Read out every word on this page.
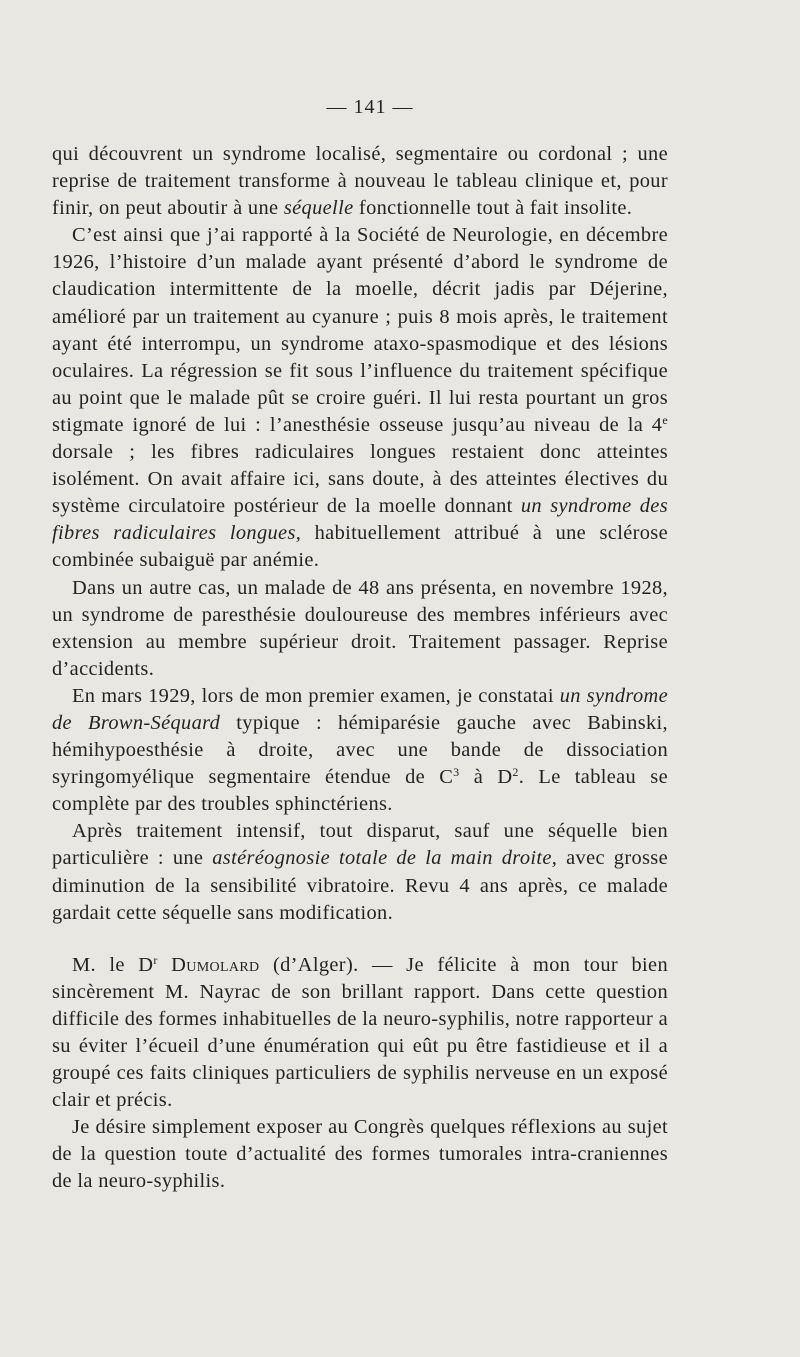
— 141 —

qui découvrent un syndrome localisé, segmentaire ou cordonal ; une reprise de traitement transforme à nouveau le tableau clinique et, pour finir, on peut aboutir à une séquelle fonctionnelle tout à fait insolite.

C’est ainsi que j’ai rapporté à la Société de Neurologie, en décembre 1926, l’histoire d’un malade ayant présenté d’abord le syndrome de claudication intermittente de la moelle, décrit jadis par Déjerine, amélioré par un traitement au cyanure ; puis 8 mois après, le traitement ayant été interrompu, un syndrome ataxo-spasmodique et des lésions oculaires. La régression se fit sous l’influence du traitement spécifique au point que le malade pût se croire guéri. Il lui resta pourtant un gros stigmate ignoré de lui : l’anesthésie osseuse jusqu’au niveau de la 4e dorsale ; les fibres radiculaires longues restaient donc atteintes isolément. On avait affaire ici, sans doute, à des atteintes électives du système circulatoire postérieur de la moelle donnant un syndrome des fibres radiculaires longues, habituellement attribué à une sclérose combinée subaiguë par anémie.

Dans un autre cas, un malade de 48 ans présenta, en novembre 1928, un syndrome de paresthésie douloureuse des membres inférieurs avec extension au membre supérieur droit. Traitement passager. Reprise d’accidents.

En mars 1929, lors de mon premier examen, je constatai un syndrome de Brown-Séquard typique : hémiparésie gauche avec Babinski, hémihypoesthésie à droite, avec une bande de dissociation syringomyélique segmentaire étendue de $C^3$ à $D^2$. Le tableau se complète par des troubles sphinctériens.

Après traitement intensif, tout disparut, sauf une séquelle bien particulière : une astéréognosie totale de la main droite, avec grosse diminution de la sensibilité vibratoire. Revu 4 ans après, ce malade gardait cette séquelle sans modification.

M. le $D^r$ Dumolard (d’Alger). — Je félicite à mon tour bien sincèrement M. Nayrac de son brillant rapport. Dans cette question difficile des formes inhabituelles de la neuro-syphilis, notre rapporteur a su éviter l’écueil d’une énumération qui eût pu être fastidieuse et il a groupé ces faits cliniques particuliers de syphilis nerveuse en un exposé clair et précis.

Je désire simplement exposer au Congrès quelques réflexions au sujet de la question toute d’actualité des formes tumorales intra-craniennes de la neuro-syphilis.
